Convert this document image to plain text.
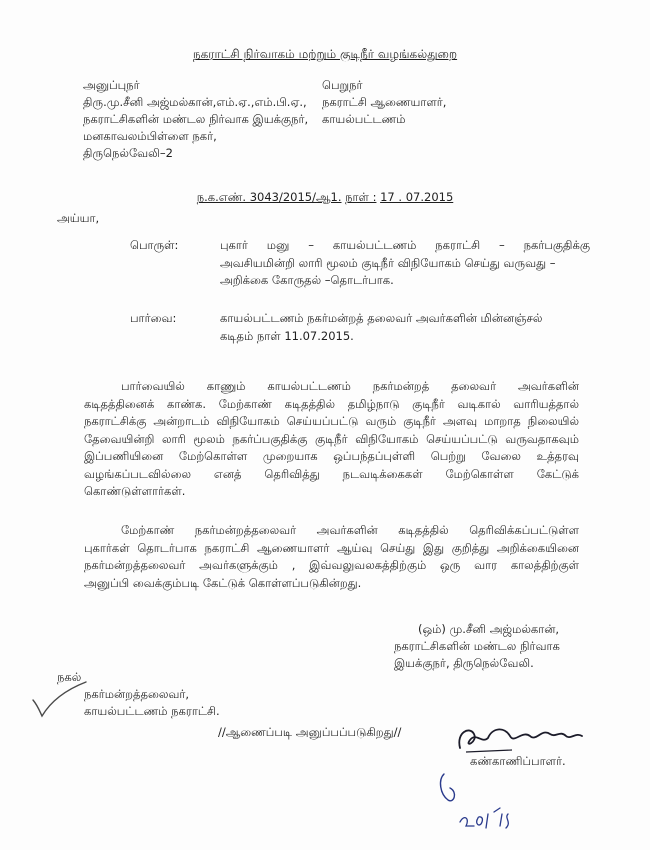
நகராட்சி நிர்வாகம் மற்றும் குடிநீர் வழங்கல்துறை
அனுப்புநர்
திரு.மு.சீனி அஜ்மல்கான்,எம்.ஏ.,எம்.பி.ஏ.,
நகராட்சிகளின் மண்டல நிர்வாக இயக்குநர்,
மனகாவலம்பிள்ளை நகர்,
திருநெல்வேலி–2
பெறுநர்
நகராட்சி ஆணையாளர்,
காயல்பட்டணம்
ந.க.எண். 3043/2015/ஆ1. நாள் : 17 . 07.2015
அய்யா,
பொருள்:	புகார் மனு – காயல்பட்டணம் நகராட்சி – நகர்பகுதிக்கு
அவசியமின்றி லாரி மூலம் குடிநீர் விநியோகம் செய்து வருவது –
அறிக்கை கோருதல் –தொடர்பாக.
பார்வை:	காயல்பட்டணம் நகர்மன்றத் தலைவர் அவர்களின் மின்னஞ்சல்
கடிதம் நாள் 11.07.2015.
பார்வையில் காணும் காயல்பட்டணம் நகர்மன்றத் தலைவர் அவர்களின்
கடிதத்தினைக் காண்க. மேற்காண் கடிதத்தில் தமிழ்நாடு குடிநீர் வடிகால் வாரியத்தால்
நகராட்சிக்கு அன்றாடம் விநியோகம் செய்யப்பட்டு வரும் குடிநீர் அளவு மாறாத நிலையில்
தேவையின்றி லாரி மூலம் நகர்ப்பகுதிக்கு குடிநீர் விநியோகம் செய்யப்பட்டு வருவதாகவும்
இப்பணியினை மேற்கொள்ள முறையாக ஒப்பந்தப்புள்ளி பெற்று வேலை உத்தரவு
வழங்கப்படவில்லை எனத் தெரிவித்து நடவடிக்கைகள் மேற்கொள்ள கேட்டுக்
கொண்டுள்ளார்கள்.
மேற்காண் நகர்மன்றத்தலைவர் அவர்களின் கடிதத்தில் தெரிவிக்கப்பட்டுள்ள
புகார்கள் தொடர்பாக நகராட்சி ஆணையாளர் ஆய்வு செய்து இது குறித்து அறிக்கையினை
நகர்மன்றத்தலைவர் அவர்களுக்கும் , இவ்வலுவலகத்திற்கும் ஒரு வார காலத்திற்குள்
அனுப்பி வைக்கும்படி கேட்டுக் கொள்ளப்படுகின்றது.
(ஒம்) மு.சீனி அஜ்மல்கான்,
நகராட்சிகளின் மண்டல நிர்வாக
இயக்குநர், திருநெல்வேலி.
நகல்
நகர்மன்றத்தலைவர்,
காயல்பட்டணம் நகராட்சி.
//ஆணைப்படி அனுப்பப்படுகிறது//
கண்காணிப்பாளர்.
